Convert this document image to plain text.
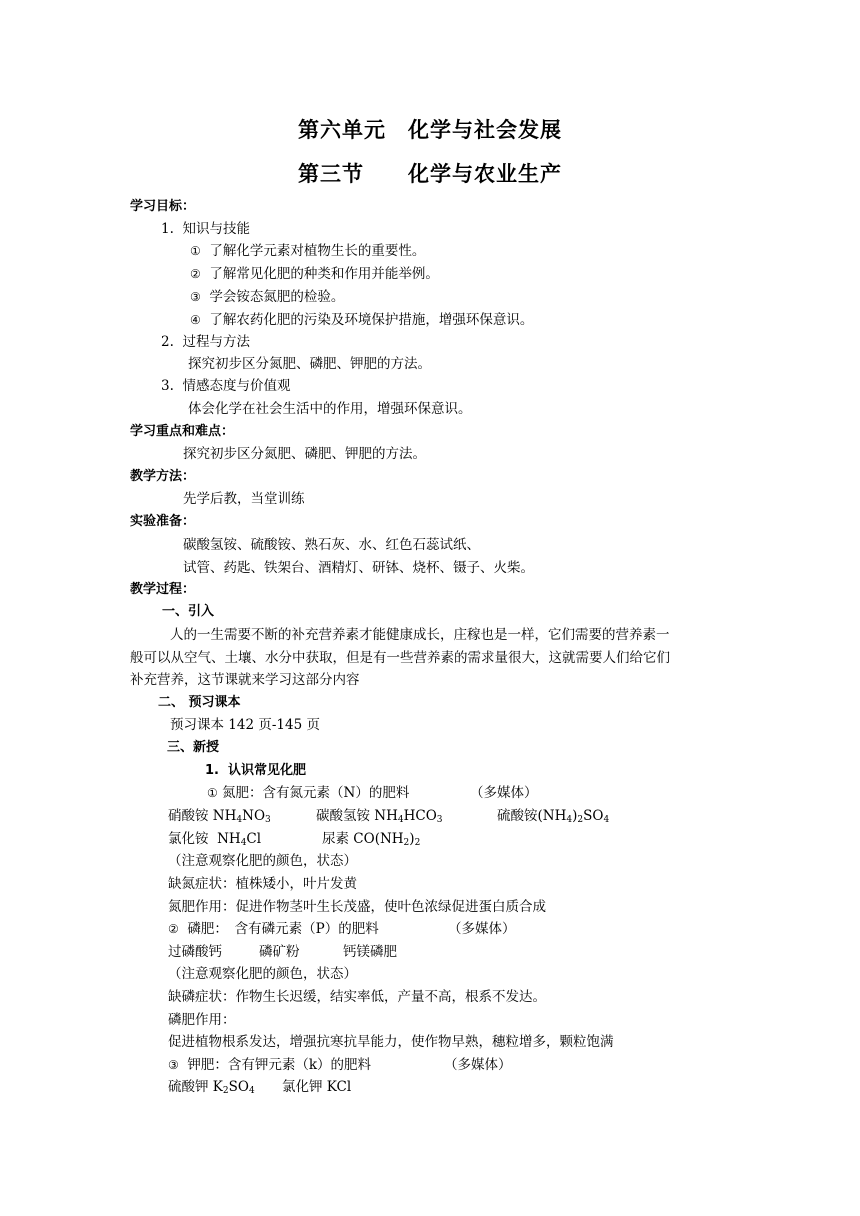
第六单元　化学与社会发展
第三节　　化学与农业生产
学习目标：
1. 知识与技能
① 了解化学元素对植物生长的重要性。
② 了解常见化肥的种类和作用并能举例。
③ 学会铵态氮肥的检验。
④ 了解农药化肥的污染及环境保护措施，增强环保意识。
2. 过程与方法
探究初步区分氮肥、磷肥、钾肥的方法。
3. 情感态度与价值观
体会化学在社会生活中的作用，增强环保意识。
学习重点和难点：
探究初步区分氮肥、磷肥、钾肥的方法。
教学方法：
先学后教，当堂训练
实验准备：
碳酸氢铵、硫酸铵、熟石灰、水、红色石蕊试纸、
试管、药匙、铁架台、酒精灯、研钵、烧杯、镊子、火柴。
教学过程：
一、引入
人的一生需要不断的补充营养素才能健康成长，庄稼也是一样，它们需要的营养素一
般可以从空气、土壤、水分中获取，但是有一些营养素的需求量很大，这就需要人们给它们
补充营养，这节课就来学习这部分内容
二、 预习课本
预习课本 142 页-145 页
三、新授
1. 认识常见化肥
① 氮肥：含有氮元素（N）的肥料	（多媒体）
硝酸铵 $NH_4NO_3$	碳酸氢铵 $NH_4HCO_3$	硫酸铵$(NH_4)_2SO_4$
氯化铵 $NH_4Cl$	尿素 $CO(NH_2)_2$
（注意观察化肥的颜色，状态）
缺氮症状：植株矮小，叶片发黄
氮肥作用：促进作物茎叶生长茂盛，使叶色浓绿促进蛋白质合成
② 磷肥：　含有磷元素（P）的肥料	（多媒体）
过磷酸钙	磷矿粉	钙镁磷肥
（注意观察化肥的颜色，状态）
缺磷症状：作物生长迟缓，结实率低，产量不高，根系不发达。
磷肥作用：
促进植物根系发达，增强抗寒抗旱能力，使作物早熟，穗粒增多，颗粒饱满
③ 钾肥：含有钾元素（k）的肥料	（多媒体）
硫酸钾 $K_2SO_4$ 氯化钾 KCl
